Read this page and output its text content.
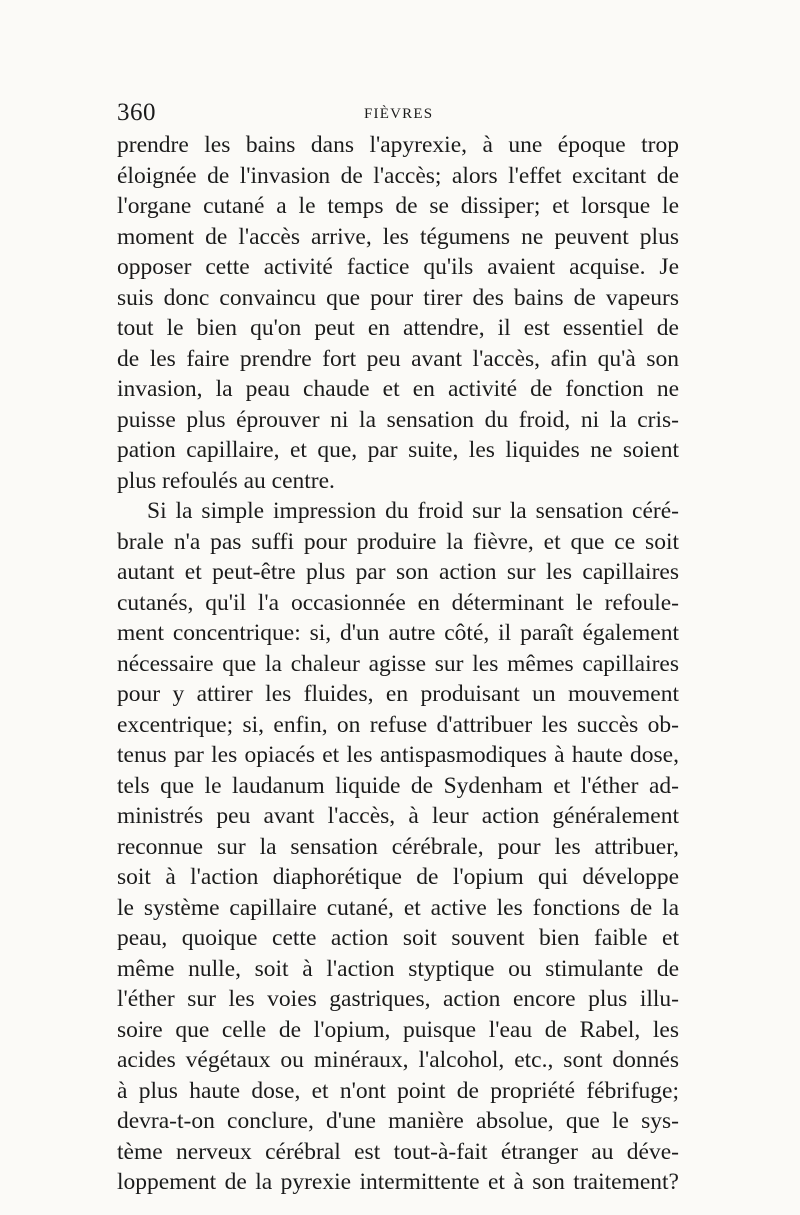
360	FIÈVRES
prendre les bains dans l'apyrexie, à une époque trop
éloignée de l'invasion de l'accès; alors l'effet excitant de
l'organe cutané a le temps de se dissiper; et lorsque le
moment de l'accès arrive, les tégumens ne peuvent plus
opposer cette activité factice qu'ils avaient acquise. Je
suis donc convaincu que pour tirer des bains de vapeurs
tout le bien qu'on peut en attendre, il est essentiel de
de les faire prendre fort peu avant l'accès, afin qu'à son
invasion, la peau chaude et en activité de fonction ne
puisse plus éprouver ni la sensation du froid, ni la cris-
pation capillaire, et que, par suite, les liquides ne soient
plus refoulés au centre.
Si la simple impression du froid sur la sensation céré-
brale n'a pas suffi pour produire la fièvre, et que ce soit
autant et peut-être plus par son action sur les capillaires
cutanés, qu'il l'a occasionnée en déterminant le refoule-
ment concentrique: si, d'un autre côté, il paraît également
nécessaire que la chaleur agisse sur les mêmes capillaires
pour y attirer les fluides, en produisant un mouvement
excentrique; si, enfin, on refuse d'attribuer les succès ob-
tenus par les opiacés et les antispasmodiques à haute dose,
tels que le laudanum liquide de Sydenham et l'éther ad-
ministrés peu avant l'accès, à leur action généralement
reconnue sur la sensation cérébrale, pour les attribuer,
soit à l'action diaphorétique de l'opium qui développe
le système capillaire cutané, et active les fonctions de la
peau, quoique cette action soit souvent bien faible et
même nulle, soit à l'action styptique ou stimulante de
l'éther sur les voies gastriques, action encore plus illu-
soire que celle de l'opium, puisque l'eau de Rabel, les
acides végétaux ou minéraux, l'alcohol, etc., sont donnés
à plus haute dose, et n'ont point de propriété fébrifuge;
devra-t-on conclure, d'une manière absolue, que le sys-
tème nerveux cérébral est tout-à-fait étranger au déve-
loppement de la pyrexie intermittente et à son traitement?
